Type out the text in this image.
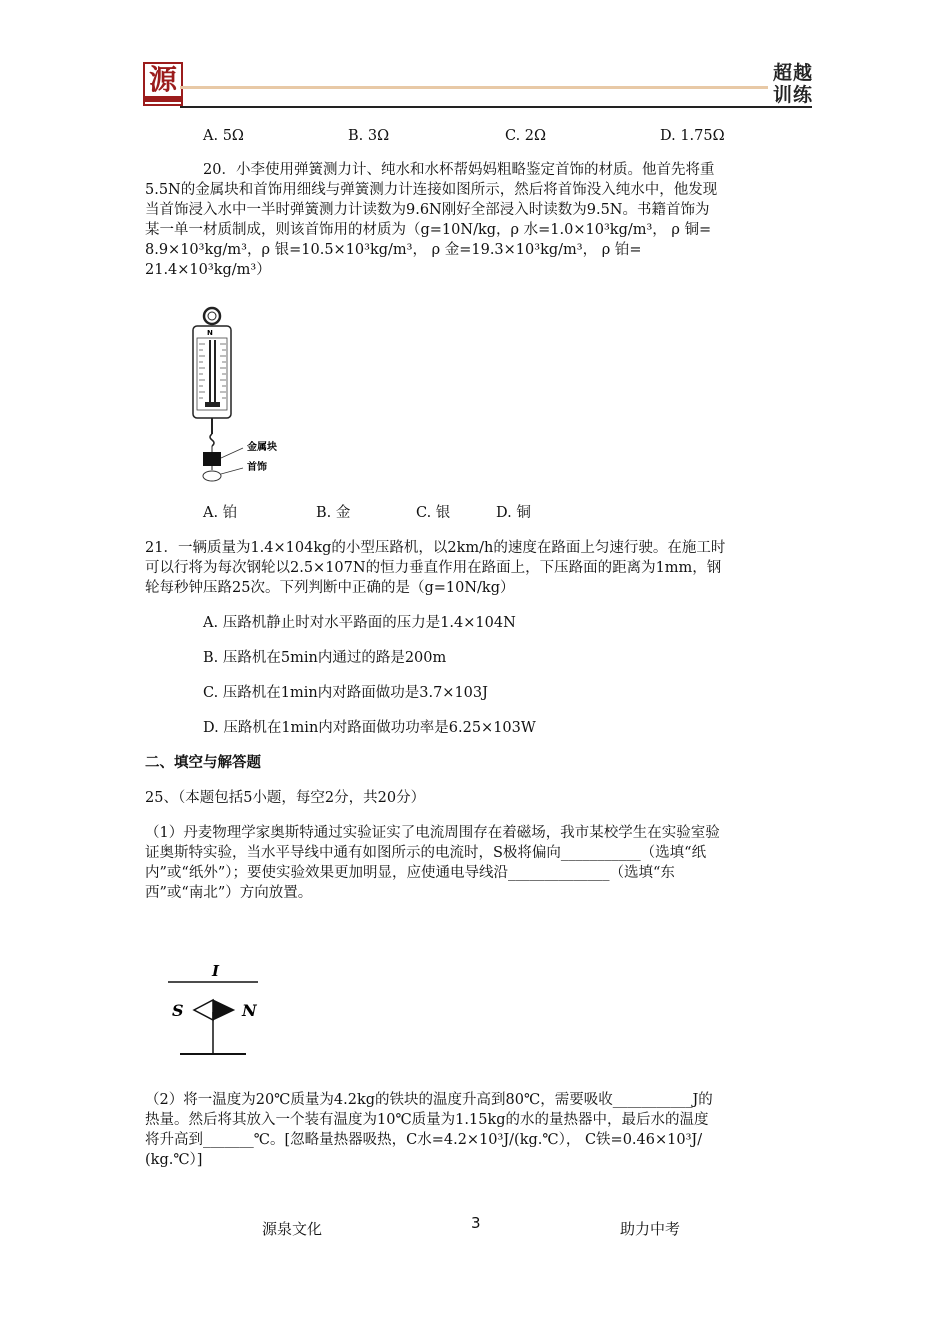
源	超越
训练
A. 5Ω	B. 3Ω	C. 2Ω	D. 1.75Ω
20．小李使用弹簧测力计、纯水和水杯帮妈妈粗略鉴定首饰的材质。他首先将重
5.5N的金属块和首饰用细线与弹簧测力计连接如图所示，然后将首饰没入纯水中，他发现
当首饰浸入水中一半时弹簧测力计读数为9.6N刚好全部浸入时读数为9.5N。书籍首饰为
某一单一材质制成，则该首饰用的材质为（g=10N/kg，ρ 水=1.0×10³kg/m³， ρ 铜=
8.9×10³kg/m³，ρ 银=10.5×10³kg/m³， ρ 金=19.3×10³kg/m³， ρ 铂=
21.4×10³kg/m³）
N
金属块
首饰
A. 铂	B. 金	C. 银	D. 铜
21．一辆质量为1.4×104kg的小型压路机，以2km/h的速度在路面上匀速行驶。在施工时
可以行将为每次钢轮以2.5×107N的恒力垂直作用在路面上，下压路面的距离为1mm，钢
轮每秒钟压路25次。下列判断中正确的是（g=10N/kg）
A. 压路机静止时对水平路面的压力是1.4×104N
B. 压路机在5min内通过的路是200m
C. 压路机在1min内对路面做功是3.7×103J
D. 压路机在1min内对路面做功功率是6.25×103W
二、填空与解答题
25、（本题包括5小题，每空2分，共20分）
（1）丹麦物理学家奥斯特通过实验证实了电流周围存在着磁场，我市某校学生在实验室验
证奥斯特实验，当水平导线中通有如图所示的电流时，S极将偏向___________（选填“纸
内”或“纸外”）；要使实验效果更加明显，应使通电导线沿______________（选填“东
西”或“南北”）方向放置。
I
S	N
（2）将一温度为20℃质量为4.2kg的铁块的温度升高到80℃，需要吸收___________J的
热量。然后将其放入一个装有温度为10℃质量为1.15kg的水的量热器中，最后水的温度
将升高到_______℃。[忽略量热器吸热，C水=4.2×10³J/(kg.℃）， C铁=0.46×10³J/
(kg.℃）]
源泉文化	3	助力中考
